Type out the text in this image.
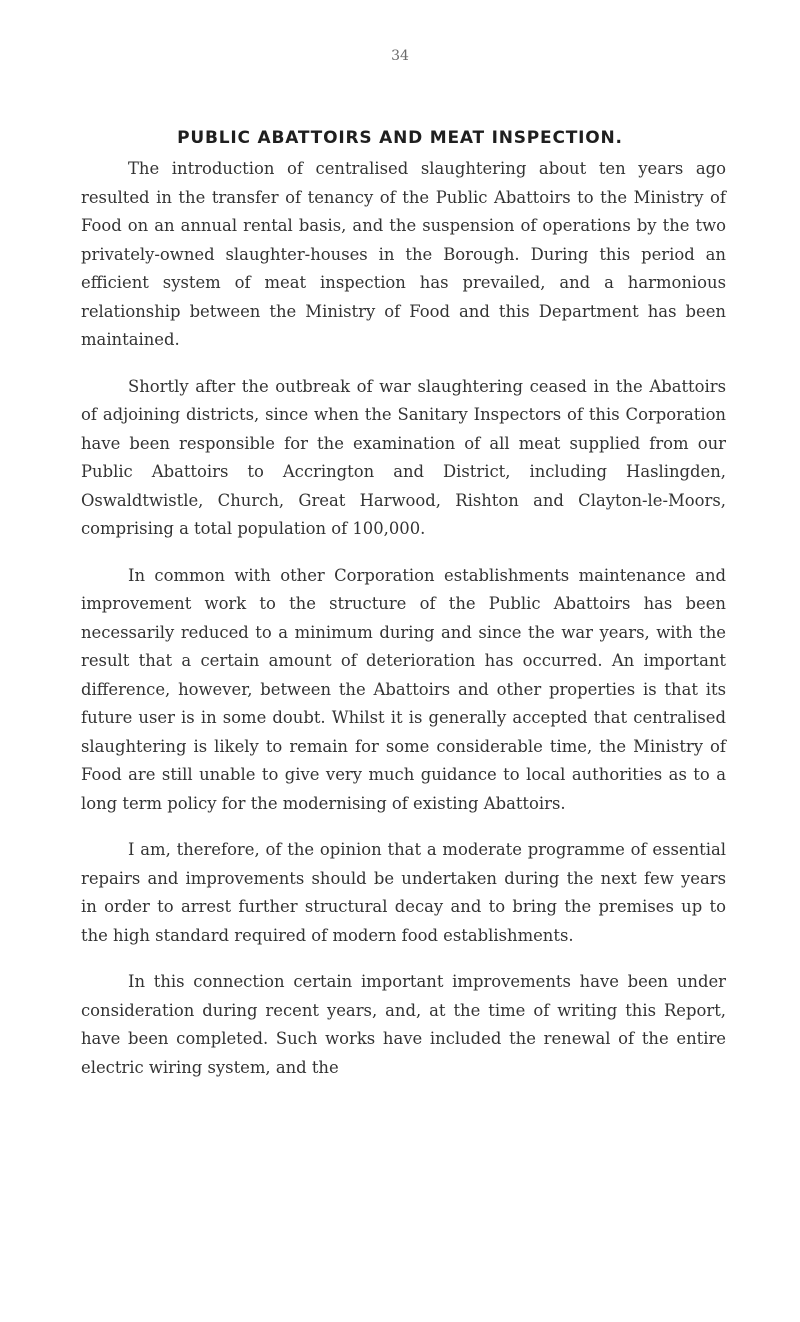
34
PUBLIC ABATTOIRS AND MEAT INSPECTION.

The introduction of centralised slaughtering about ten years ago resulted in the transfer of tenancy of the Public Abattoirs to the Ministry of Food on an annual rental basis, and the suspension of operations by the two privately-owned slaughter-houses in the Borough. During this period an efficient system of meat inspection has prevailed, and a harmonious relationship between the Ministry of Food and this Department has been maintained.

Shortly after the outbreak of war slaughtering ceased in the Abattoirs of adjoining districts, since when the Sanitary Inspectors of this Corporation have been responsible for the examination of all meat supplied from our Public Abattoirs to Accrington and District, including Haslingden, Oswaldtwistle, Church, Great Harwood, Rishton and Clayton-le-Moors, comprising a total population of 100,000.

In common with other Corporation establishments maintenance and improvement work to the structure of the Public Abattoirs has been necessarily reduced to a minimum during and since the war years, with the result that a certain amount of deterioration has occurred. An important difference, however, between the Abattoirs and other properties is that its future user is in some doubt. Whilst it is generally accepted that centralised slaughtering is likely to remain for some considerable time, the Ministry of Food are still unable to give very much guidance to local authorities as to a long term policy for the modernising of existing Abattoirs.

I am, therefore, of the opinion that a moderate programme of essential repairs and improvements should be undertaken during the next few years in order to arrest further structural decay and to bring the premises up to the high standard required of modern food establishments.

In this connection certain important improvements have been under consideration during recent years, and, at the time of writing this Report, have been completed. Such works have included the renewal of the entire electric wiring system, and the
